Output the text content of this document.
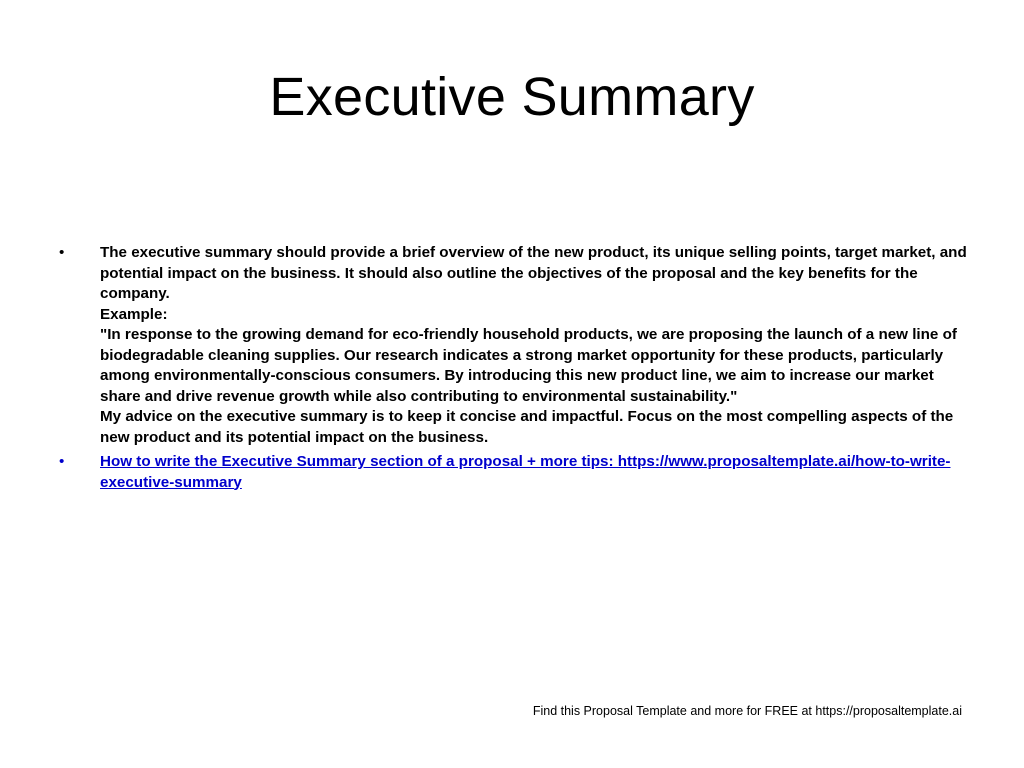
Executive Summary
• The executive summary should provide a brief overview of the new product, its unique selling points, target market, and potential impact on the business. It should also outline the objectives of the proposal and the key benefits for the company.
Example:
"In response to the growing demand for eco-friendly household products, we are proposing the launch of a new line of biodegradable cleaning supplies. Our research indicates a strong market opportunity for these products, particularly among environmentally-conscious consumers. By introducing this new product line, we aim to increase our market share and drive revenue growth while also contributing to environmental sustainability."
My advice on the executive summary is to keep it concise and impactful. Focus on the most compelling aspects of the new product and its potential impact on the business.
• How to write the Executive Summary section of a proposal + more tips: https://www.proposaltemplate.ai/how-to-write-executive-summary
Find this Proposal Template and more for FREE at https://proposaltemplate.ai
